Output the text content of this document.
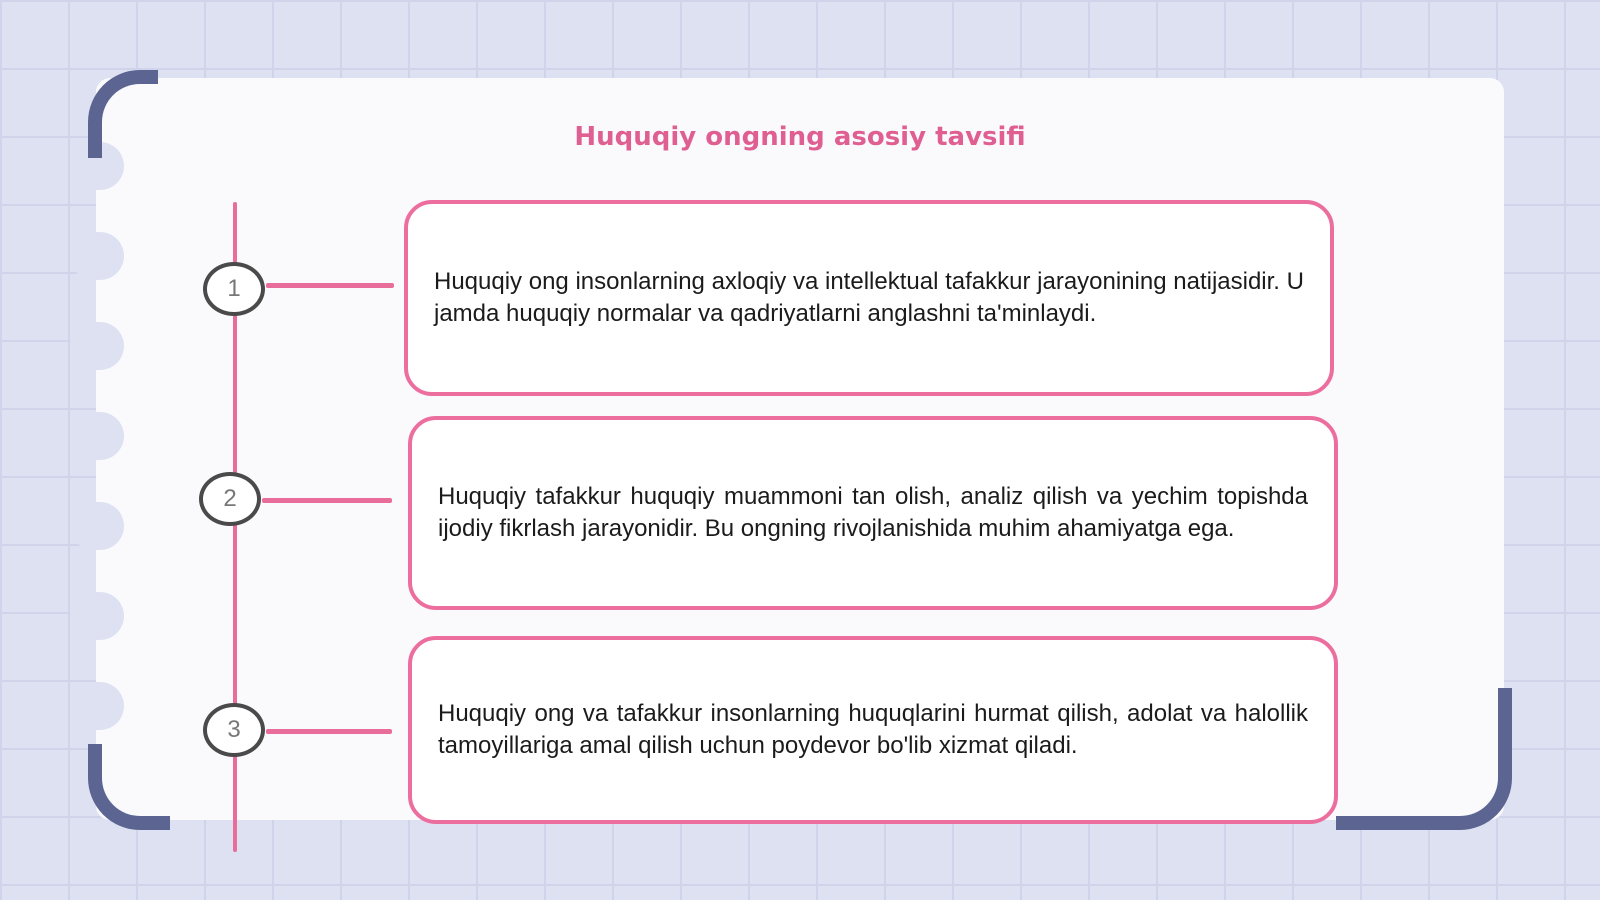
Huquqiy ongning asosiy tavsifi
1	Huquqiy ong insonlarning axloqiy va intellektual tafakkur jarayonining natijasidir. U jamda huquqiy normalar va qadriyatlarni anglashni ta'minlaydi.

2	Huquqiy tafakkur huquqiy muammoni tan olish, analiz qilish va yechim topishda ijodiy fikrlash jarayonidir. Bu ongning rivojlanishida muhim ahamiyatga ega.

3

Huquqiy ong va tafakkur insonlarning huquqlarini hurmat qilish, adolat va halollik tamoyillariga amal qilish uchun poydevor bo'lib xizmat qiladi.
